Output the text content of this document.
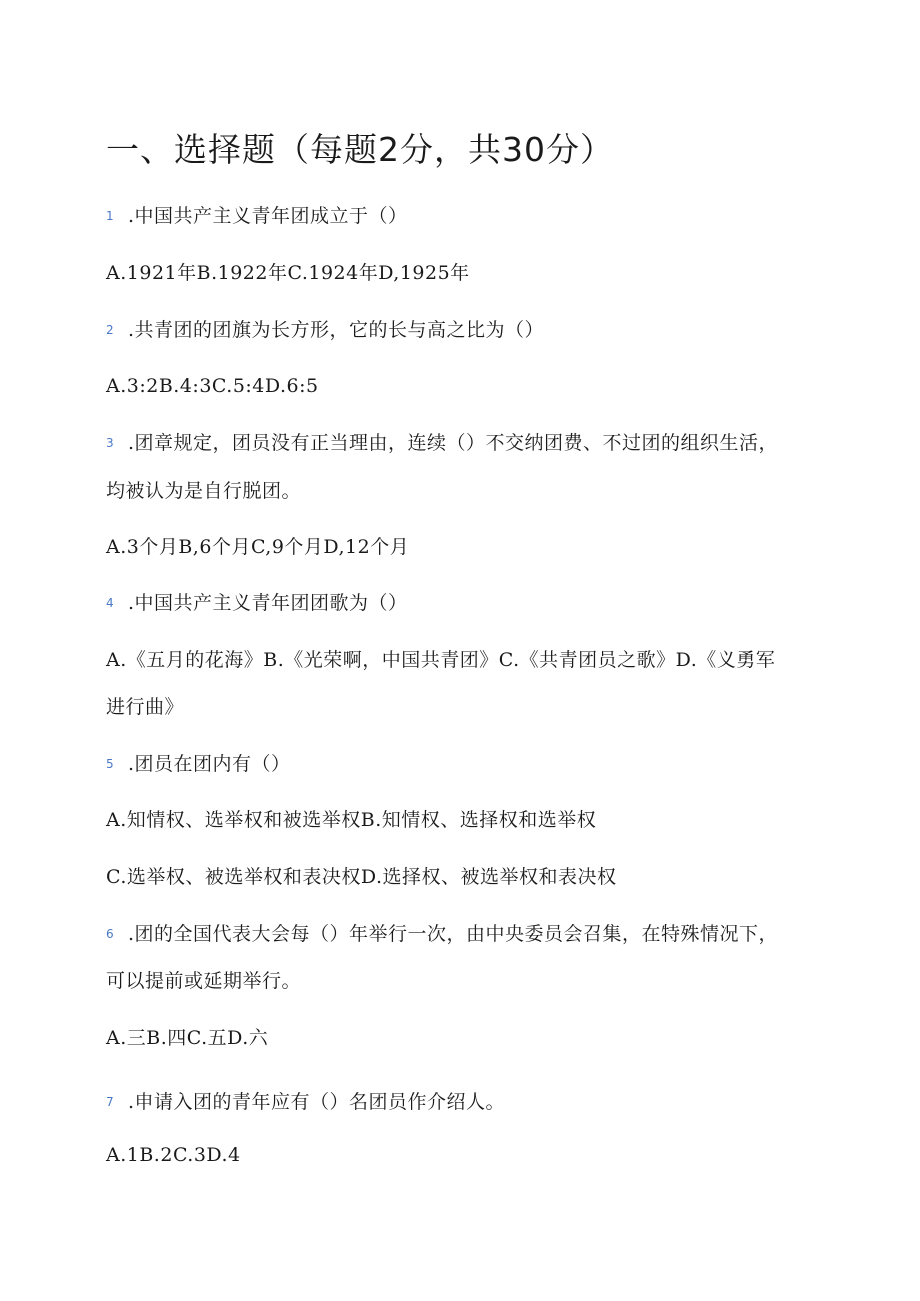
一、选择题（每题2分，共30分）
1 .中国共产主义青年团成立于（）
A.1921年B.1922年C.1924年D,1925年
2 .共青团的团旗为长方形，它的长与高之比为（）
A.3:2B.4:3C.5:4D.6:5
3 .团章规定，团员没有正当理由，连续（）不交纳团费、不过团的组织生活，
均被认为是自行脱团。
A.3个月B,6个月C,9个月D,12个月
4 .中国共产主义青年团团歌为（）
A.《五月的花海》B.《光荣啊，中国共青团》C.《共青团员之歌》D.《义勇军
进行曲》
5 .团员在团内有（）
A.知情权、选举权和被选举权B.知情权、选择权和选举权
C.选举权、被选举权和表决权D.选择权、被选举权和表决权
6 .团的全国代表大会每（）年举行一次，由中央委员会召集，在特殊情况下，
可以提前或延期举行。
A.三B.四C.五D.六
7 .申请入团的青年应有（）名团员作介绍人。
A.1B.2C.3D.4
